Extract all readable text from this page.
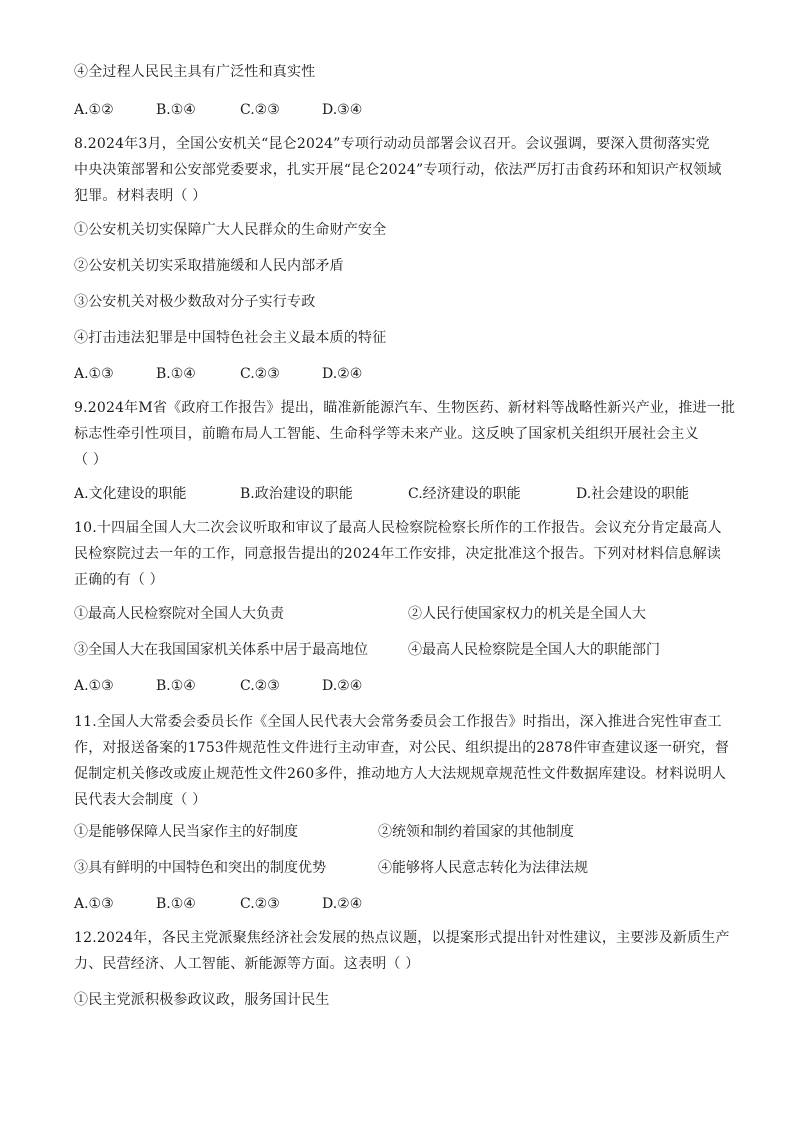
④全过程人民民主具有广泛性和真实性
A.①②	B.①④	C.②③	D.③④
8.2024年3月，全国公安机关“昆仑2024”专项行动动员部署会议召开。会议强调，要深入贯彻落实党
中央决策部署和公安部党委要求，扎实开展“昆仑2024”专项行动，依法严厉打击食药环和知识产权领域
犯罪。材料表明（ ）
①公安机关切实保障广大人民群众的生命财产安全
②公安机关切实采取措施缓和人民内部矛盾
③公安机关对极少数敌对分子实行专政
④打击违法犯罪是中国特色社会主义最本质的特征
A.①③	B.①④	C.②③	D.②④
9.2024年M省《政府工作报告》提出，瞄准新能源汽车、生物医药、新材料等战略性新兴产业，推进一批
标志性牵引性项目，前瞻布局人工智能、生命科学等未来产业。这反映了国家机关组织开展社会主义
（ ）
A.文化建设的职能	B.政治建设的职能	C.经济建设的职能	D.社会建设的职能
10.十四届全国人大二次会议听取和审议了最高人民检察院检察长所作的工作报告。会议充分肯定最高人
民检察院过去一年的工作，同意报告提出的2024年工作安排，决定批准这个报告。下列对材料信息解读
正确的有（ ）
①最高人民检察院对全国人大负责	②人民行使国家权力的机关是全国人大
③全国人大在我国国家机关体系中居于最高地位	④最高人民检察院是全国人大的职能部门
A.①③	B.①④	C.②③	D.②④
11.全国人大常委会委员长作《全国人民代表大会常务委员会工作报告》时指出，深入推进合宪性审查工
作，对报送备案的1753件规范性文件进行主动审查，对公民、组织提出的2878件审查建议逐一研究，督
促制定机关修改或废止规范性文件260多件，推动地方人大法规规章规范性文件数据库建设。材料说明人
民代表大会制度（ ）
①是能够保障人民当家作主的好制度	②统领和制约着国家的其他制度
③具有鲜明的中国特色和突出的制度优势	④能够将人民意志转化为法律法规
A.①③	B.①④	C.②③	D.②④
12.2024年，各民主党派聚焦经济社会发展的热点议题，以提案形式提出针对性建议，主要涉及新质生产
力、民营经济、人工智能、新能源等方面。这表明（ ）
①民主党派积极参政议政，服务国计民生
